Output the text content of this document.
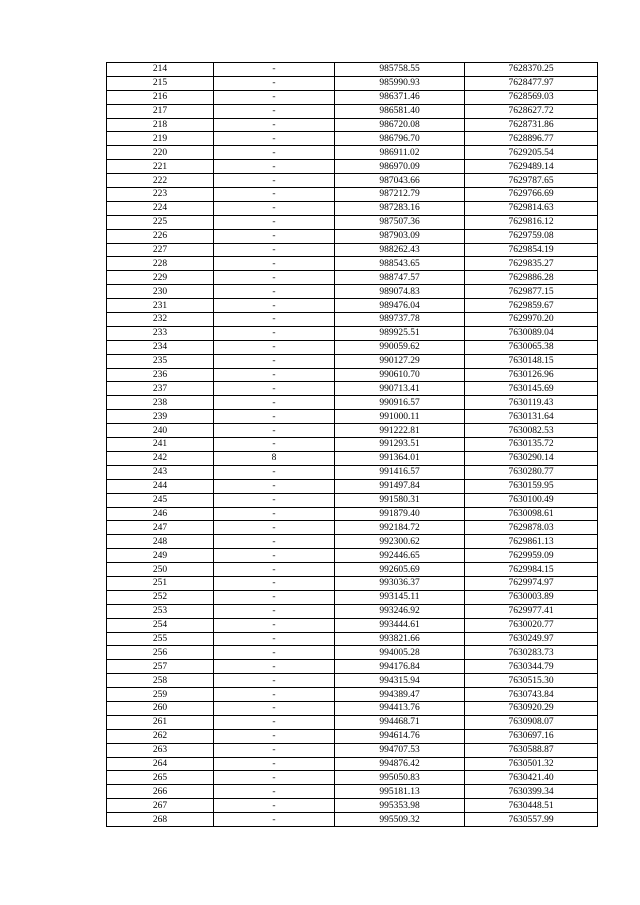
214	-	985758.55	7628370.25
215	-	985990.93	7628477.97
216	-	986371.46	7628569.03
217	-	986581.40	7628627.72
218	-	986720.08	7628731.86
219	-	986796.70	7628896.77
220	-	986911.02	7629205.54
221	-	986970.09	7629489.14
222	-	987043.66	7629787.65
223	-	987212.79	7629766.69
224	-	987283.16	7629814.63
225	-	987507.36	7629816.12
226	-	987903.09	7629759.08
227	-	988262.43	7629854.19
228	-	988543.65	7629835.27
229	-	988747.57	7629886.28
230	-	989074.83	7629877.15
231	-	989476.04	7629859.67
232	-	989737.78	7629970.20
233	-	989925.51	7630089.04
234	-	990059.62	7630065.38
235	-	990127.29	7630148.15
236	-	990610.70	7630126.96
237	-	990713.41	7630145.69
238	-	990916.57	7630119.43
239	-	991000.11	7630131.64
240	-	991222.81	7630082.53
241	-	991293.51	7630135.72
242	8	991364.01	7630290.14
243	-	991416.57	7630280.77
244	-	991497.84	7630159.95
245	-	991580.31	7630100.49
246	-	991879.40	7630098.61
247	-	992184.72	7629878.03
248	-	992300.62	7629861.13
249	-	992446.65	7629959.09
250	-	992605.69	7629984.15
251	-	993036.37	7629974.97
252	-	993145.11	7630003.89
253	-	993246.92	7629977.41
254	-	993444.61	7630020.77
255	-	993821.66	7630249.97
256	-	994005.28	7630283.73
257	-	994176.84	7630344.79
258	-	994315.94	7630515.30
259	-	994389.47	7630743.84
260	-	994413.76	7630920.29
261	-	994468.71	7630908.07
262	-	994614.76	7630697.16
263	-	994707.53	7630588.87
264	-	994876.42	7630501.32
265	-	995050.83	7630421.40
266	-	995181.13	7630399.34
267	-	995353.98	7630448.51
268	-	995509.32	7630557.99
